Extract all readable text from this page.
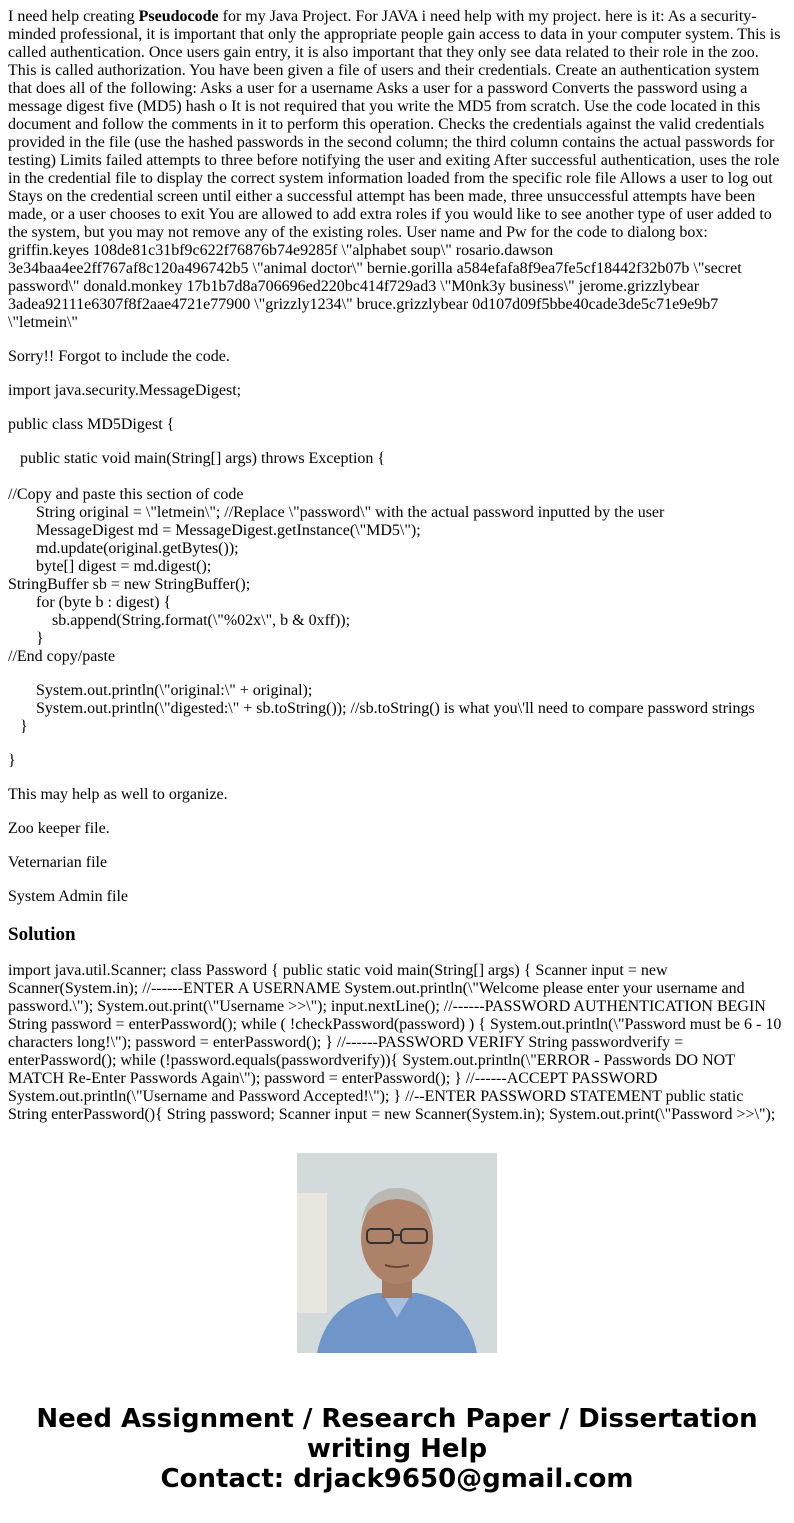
I need help creating Pseudocode for my Java Project. For JAVA i need help with my project. here is it: As a security-minded professional, it is important that only the appropriate people gain access to data in your computer system. This is called authentication. Once users gain entry, it is also important that they only see data related to their role in the zoo. This is called authorization. You have been given a file of users and their credentials. Create an authentication system that does all of the following: Asks a user for a username Asks a user for a password Converts the password using a message digest five (MD5) hash o It is not required that you write the MD5 from scratch. Use the code located in this document and follow the comments in it to perform this operation. Checks the credentials against the valid credentials provided in the file (use the hashed passwords in the second column; the third column contains the actual passwords for testing) Limits failed attempts to three before notifying the user and exiting After successful authentication, uses the role in the credential file to display the correct system information loaded from the specific role file Allows a user to log out Stays on the credential screen until either a successful attempt has been made, three unsuccessful attempts have been made, or a user chooses to exit You are allowed to add extra roles if you would like to see another type of user added to the system, but you may not remove any of the existing roles. User name and Pw for the code to dialong box: griffin.keyes 108de81c31bf9c622f76876b74e9285f \"alphabet soup\" rosario.dawson 3e34baa4ee2ff767af8c120a496742b5 \"animal doctor\" bernie.gorilla a584efafa8f9ea7fe5cf18442f32b07b \"secret password\" donald.monkey 17b1b7d8a706696ed220bc414f729ad3 \"M0nk3y business\" jerome.grizzlybear 3adea92111e6307f8f2aae4721e77900 \"grizzly1234\" bruce.grizzlybear 0d107d09f5bbe40cade3de5c71e9e9b7 \"letmein\"

Sorry!! Forgot to include the code.

import java.security.MessageDigest;

public class MD5Digest {

public static void main(String[] args) throws Exception {

//Copy and paste this section of code
String original = \"letmein\"; //Replace \"password\" with the actual password inputted by the user
MessageDigest md = MessageDigest.getInstance(\"MD5\");
md.update(original.getBytes());
byte[] digest = md.digest();
StringBuffer sb = new StringBuffer();
for (byte b : digest) {
sb.append(String.format(\"%02x\", b & 0xff));
}
//End copy/paste

System.out.println(\"original:\" + original);
System.out.println(\"digested:\" + sb.toString()); //sb.toString() is what you\'ll need to compare password strings
}

}

This may help as well to organize.

Zoo keeper file.

Veternarian file

System Admin file

Solution
import java.util.Scanner; class Password { public static void main(String[] args) { Scanner input = new Scanner(System.in); //------ENTER A USERNAME System.out.println(\"Welcome please enter your username and password.\"); System.out.print(\"Username >>\"); input.nextLine(); //------PASSWORD AUTHENTICATION BEGIN String password = enterPassword(); while ( !checkPassword(password) ) { System.out.println(\"Password must be 6 - 10 characters long!\"); password = enterPassword(); } //------PASSWORD VERIFY String passwordverify = enterPassword(); while (!password.equals(passwordverify)){ System.out.println(\"ERROR - Passwords DO NOT MATCH Re-Enter Passwords Again\"); password = enterPassword(); } //------ACCEPT PASSWORD System.out.println(\"Username and Password Accepted!\"); } //--ENTER PASSWORD STATEMENT public static String enterPassword(){ String password; Scanner input = new Scanner(System.in); System.out.print(\"Password >>\");
Need Assignment / Research Paper / Dissertation writing Help
Contact: drjack9650@gmail.com
